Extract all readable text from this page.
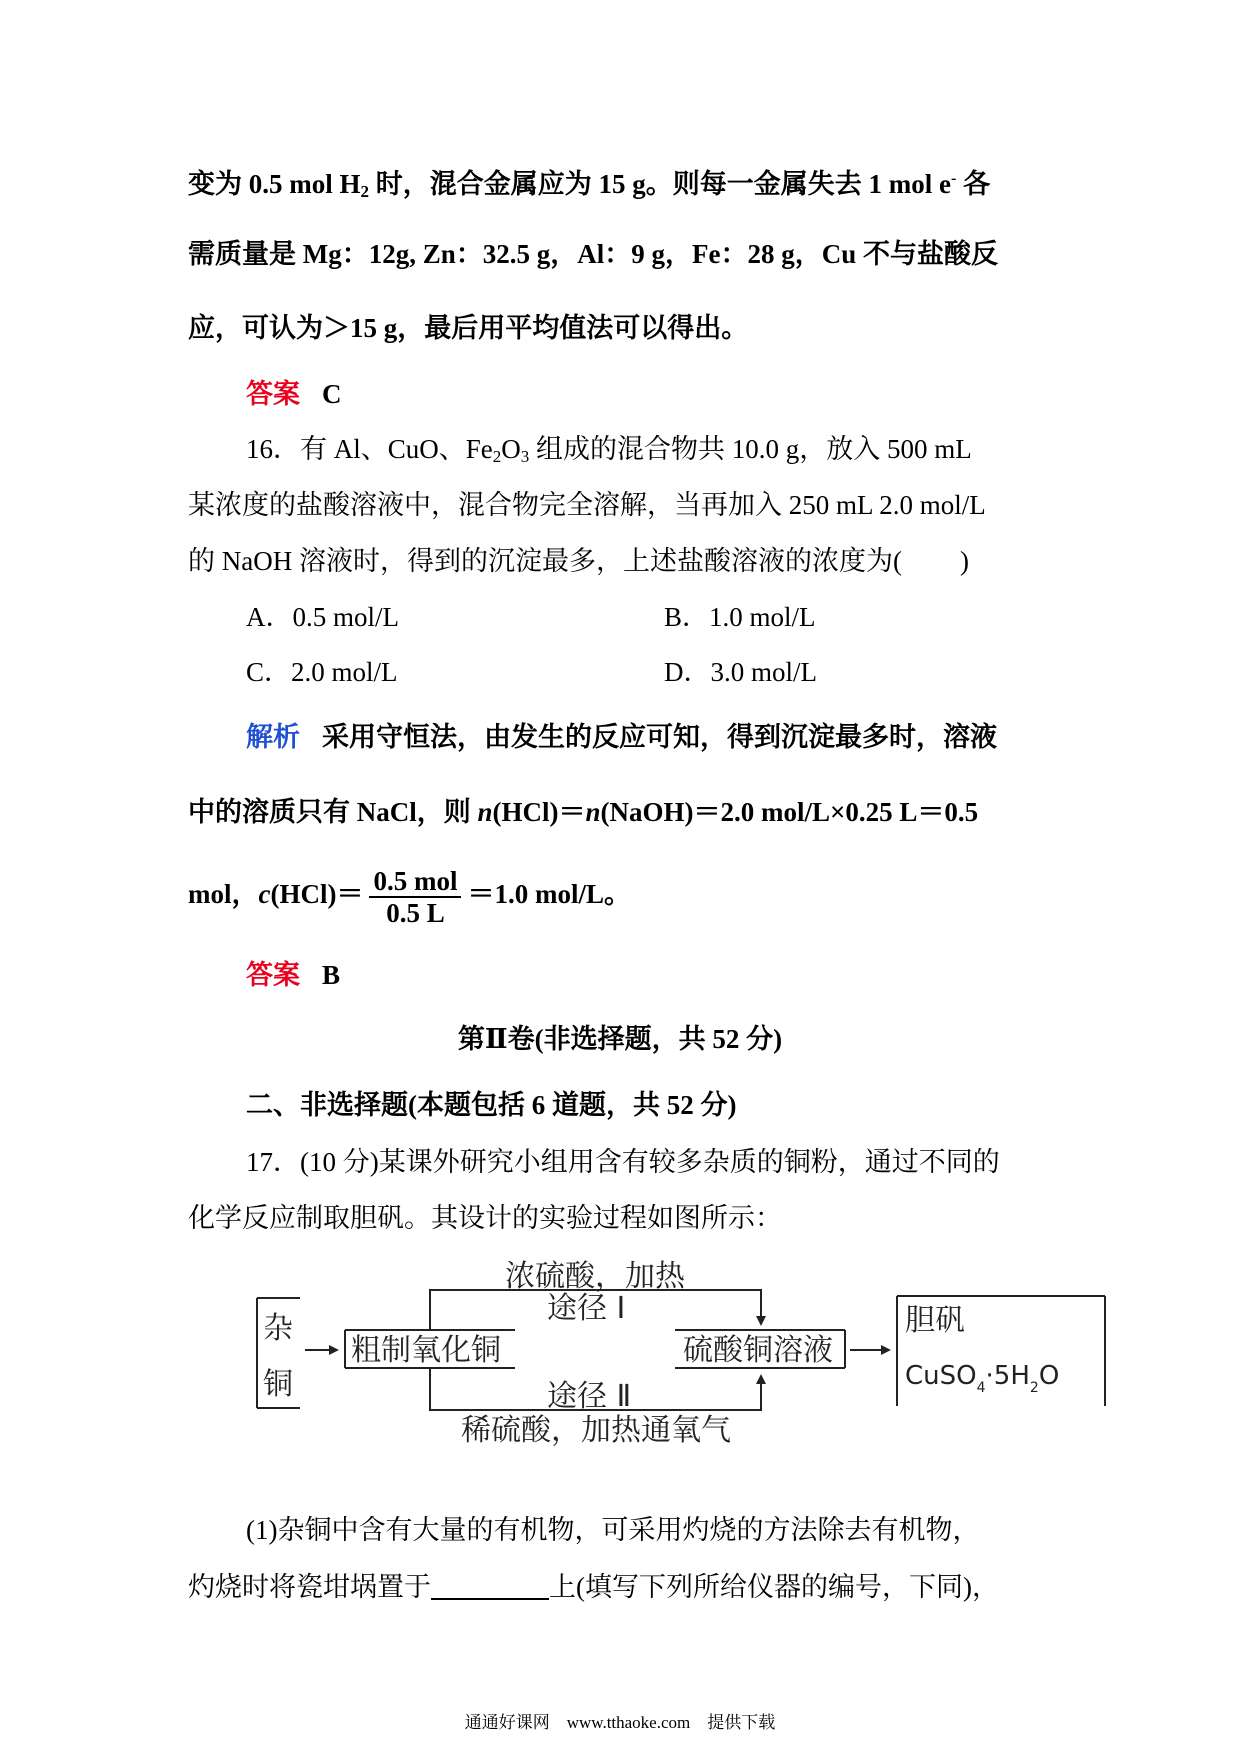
变为 0.5 mol $H_2$ 时，混合金属应为 15 g。则每一金属失去 1 mol e- 各
需质量是 Mg：12g, Zn：32.5 g，Al：9 g，Fe：28 g，Cu 不与盐酸反
应，可认为＞15 g，最后用平均值法可以得出。
答案 C
16．有 Al、CuO、$Fe_2O_3$ 组成的混合物共 10.0 g，放入 500 mL
某浓度的盐酸溶液中，混合物完全溶解，当再加入 250 mL 2.0 mol/L
的 NaOH 溶液时，得到的沉淀最多，上述盐酸溶液的浓度为( )
A．0.5 mol/L	B．1.0 mol/L
C．2.0 mol/L	D．3.0 mol/L
解析 采用守恒法，由发生的反应可知，得到沉淀最多时，溶液
中的溶质只有 NaCl，则 n(HCl)＝n(NaOH)＝2.0 mol/L×0.25 L＝0.5
mol，$c(HCl)= \frac{\text{0.5 mol}}{0.5 L} =1.0$ mol/L。
答案 B
第Ⅱ卷(非选择题，共 52 分)
二、非选择题(本题包括 6 道题，共 52 分)
17．(10 分)某课外研究小组用含有较多杂质的铜粉，通过不同的
化学反应制取胆矾。其设计的实验过程如图所示：
杂
铜
粗制氧化铜	硫酸铜溶液
胆矾
$CuSO_4\cdot 5H_2O$
浓硫酸，加热
途径 Ⅰ
途径 Ⅱ
稀硫酸，加热通氧气
(1)杂铜中含有大量的有机物，可采用灼烧的方法除去有机物，
灼烧时将瓷坩埚置于	上(填写下列所给仪器的编号，下同)，
通通好课网　www.tthaoke.com　提供下载
